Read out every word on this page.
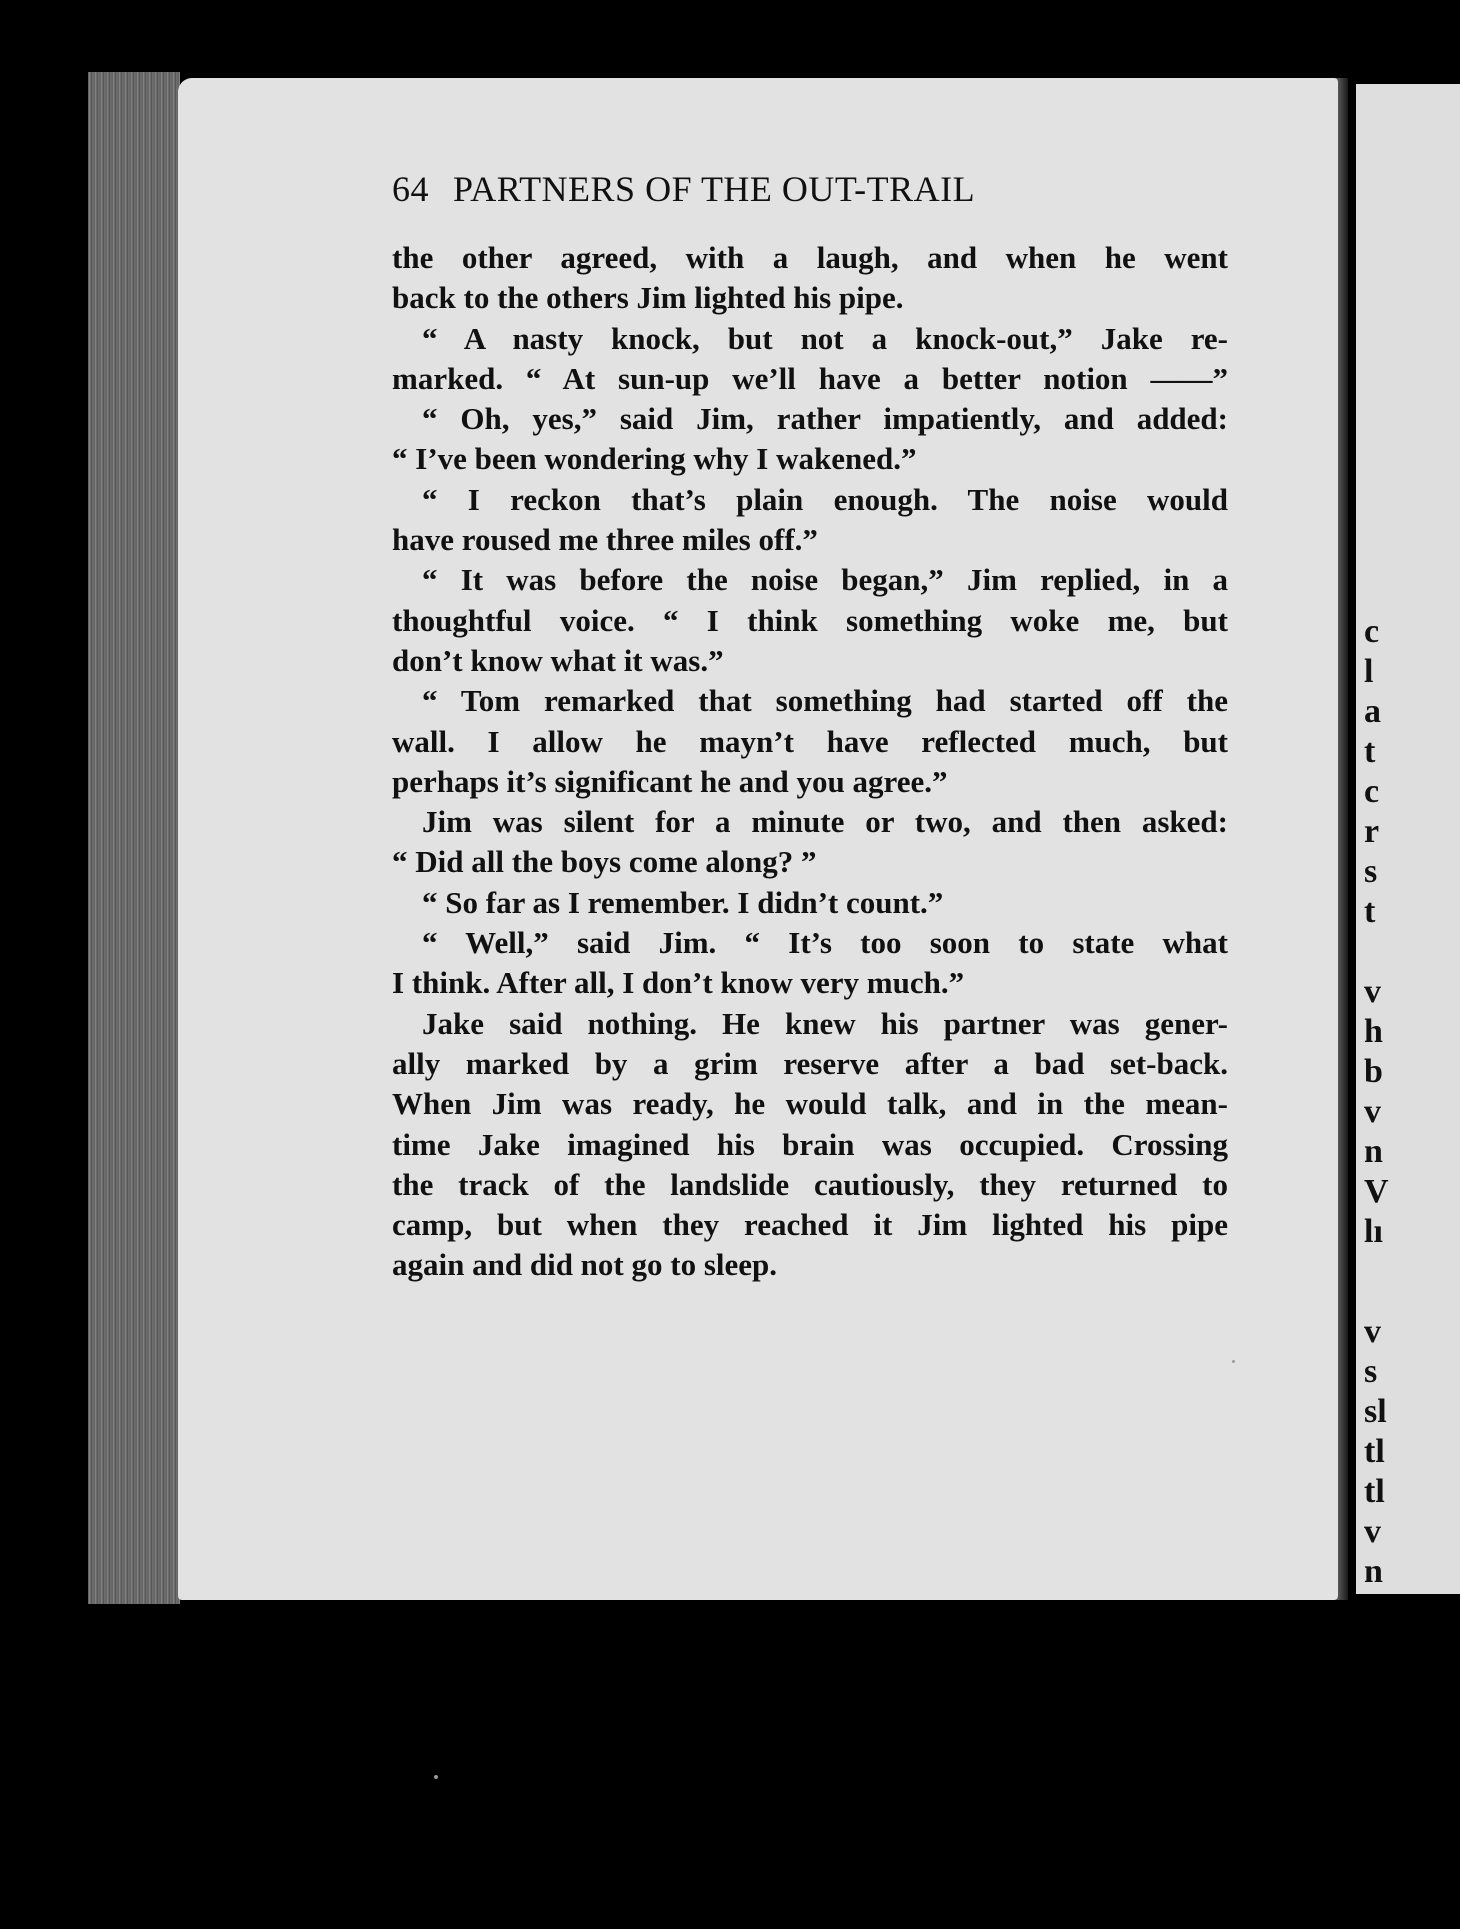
c
l
a
t
c
r
s
t
v
h
b
v
n
V
lı
v
s
sl
tl
tl
v
n
64 PARTNERS OF THE OUT-TRAIL
the other agreed, with a laugh, and when he went
back to the others Jim lighted his pipe.
“ A nasty knock, but not a knock-out,” Jake re-
marked. “ At sun-up we’ll have a better notion ——”
“ Oh, yes,” said Jim, rather impatiently, and added:
“ I’ve been wondering why I wakened.”
“ I reckon that’s plain enough. The noise would
have roused me three miles off.”
“ It was before the noise began,” Jim replied, in a
thoughtful voice. “ I think something woke me, but
don’t know what it was.”
“ Tom remarked that something had started off the
wall. I allow he mayn’t have reflected much, but
perhaps it’s significant he and you agree.”
Jim was silent for a minute or two, and then asked:
“ Did all the boys come along? ”
“ So far as I remember. I didn’t count.”
“ Well,” said Jim. “ It’s too soon to state what
I think. After all, I don’t know very much.”
Jake said nothing. He knew his partner was gener-
ally marked by a grim reserve after a bad set-back.
When Jim was ready, he would talk, and in the mean-
time Jake imagined his brain was occupied. Crossing
the track of the landslide cautiously, they returned to
camp, but when they reached it Jim lighted his pipe
again and did not go to sleep.
